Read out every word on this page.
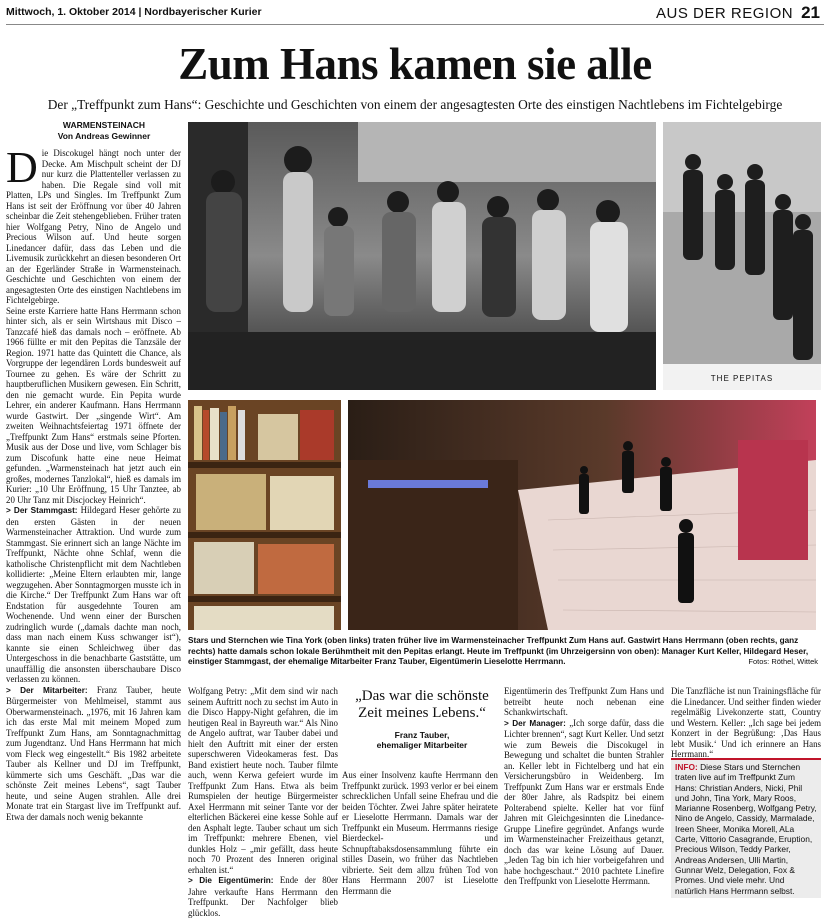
Mittwoch, 1. Oktober 2014 | Nordbayerischer Kurier	AUS DER REGION 21
Zum Hans kamen sie alle
Der „Treffpunkt zum Hans“: Geschichte und Geschichten von einem der angesagtesten Orte des einstigen Nachtlebens im Fichtelgebirge
WARMENSTEINACH
Von Andreas Gewinner

Die Discokugel hängt noch unter der Decke. Am Mischpult scheint der DJ nur kurz die Plattenteller verlassen zu haben. Die Regale sind voll mit Platten, LPs und Singles. Im Treffpunkt Zum Hans ist seit der Eröffnung vor über 40 Jahren scheinbar die Zeit stehengeblieben. Früher traten hier Wolfgang Petry, Nino de Angelo und Precious Wilson auf. Und heute sorgen Linedancer dafür, dass das Leben und die Livemusik zurückkehrt an diesen besonderen Ort an der Egerländer Straße in Warmensteinach. Geschichte und Geschichten von einem der angesagtesten Orte des einstigen Nachtlebens im Fichtelgebirge.

Seine erste Karriere hatte Hans Herrmann schon hinter sich, als er sein Wirtshaus mit Disco – Tanzcafé hieß das damals noch – eröffnete. Ab 1966 füllte er mit den Pepitas die Tanzsäle der Region. 1971 hatte das Quintett die Chance, als Vorgruppe der legendären Lords bundesweit auf Tournee zu gehen. Es wäre der Schritt zu hauptberuflichen Musikern gewesen. Ein Schritt, den nie gemacht wurde. Ein Pepita wurde Lehrer, ein anderer Kaufmann. Hans Herrmann wurde Gastwirt. Der „singende Wirt“. Am zweiten Weihnachtsfeiertag 1971 öffnete der „Treffpunkt Zum Hans“ erstmals seine Pforten. Musik aus der Dose und live, vom Schlager bis zum Discofunk hatte eine neue Heimat gefunden. „Warmensteinach hat jetzt auch ein großes, modernes Tanzlokal“, hieß es damals im Kurier: „10 Uhr Eröffnung, 15 Uhr Tanztee, ab 20 Uhr Tanz mit Discjockey Heinrich“.

> Der Stammgast: Hildegard Heser gehörte zu den ersten Gästen in der neuen Warmensteinacher Attraktion. Und wurde zum Stammgast. Sie erinnert sich an lange Nächte im Treffpunkt, Nächte ohne Schlaf, wenn die katholische Christenpflicht mit dem Nachtleben kollidierte: „Meine Eltern erlaubten mir, lange wegzugehen. Aber Sonntagmorgen musste ich in die Kirche.“ Der Treffpunkt Zum Hans war oft Endstation für ausgedehnte Touren am Wochenende. Und wenn einer der Burschen zudringlich wurde („damals dachte man noch, dass man nach einem Kuss schwanger ist“), kannte sie einen Schleichweg über das Untergeschoss in die benachbarte Gaststätte, um unauffällig die ansonsten überschaubare Disco verlassen zu können.

> Der Mitarbeiter: Franz Tauber, heute Bürgermeister von Mehlmeisel, stammt aus Oberwarmensteinach. „1976, mit 16 Jahren kam ich das erste Mal mit meinem Moped zum Treffpunkt Zum Hans, am Sonntagnachmittag zum Jugendtanz. Und Hans Herrmann hat mich vom Fleck weg eingestellt.“ Bis 1982 arbeitete Tauber als Kellner und DJ im Treffpunkt, kümmerte sich ums Geschäft. „Das war die schönste Zeit meines Lebens“, sagt Tauber heute, und seine Augen strahlen. Alle drei Monate trat ein Stargast live im Treffpunkt auf. Etwa der damals noch wenig bekannte

THE PEPITAS
Stars und Sternchen wie Tina York (oben links) traten früher live im Warmensteinacher Treffpunkt Zum Hans auf. Gastwirt Hans Herrmann (oben rechts, ganz rechts) hatte damals schon lokale Berühmtheit mit den Pepitas erlangt. Heute im Treffpunkt (im Uhrzeigersinn von oben): Manager Kurt Keller, Hildegard Heser, einstiger Stammgast, der ehemalige Mitarbeiter Franz Tauber, Eigentümerin Lieselotte Herrmann.	Fotos: Röthel, Wittek

Wolfgang Petry: „Mit dem sind wir nach seinem Auftritt noch zu sechst im Auto in die Disco Happy-Night gefahren, die im heutigen Real in Bayreuth war.“ Als Nino de Angelo auftrat, war Tauber dabei und hielt den Auftritt mit einer der ersten superschweren Videokameras fest. Das Band existiert heute noch. Tauber filmte auch, wenn Kerwa gefeiert wurde im Treffpunkt Zum Hans. Etwa als beim Rumspielen der heutige Bürgermeister Axel Herrmann mit seiner Tante vor der elterlichen Bäckerei eine kesse Sohle auf den Asphalt legte. Tauber schaut um sich im Treffpunkt: mehrere Ebenen, viel dunkles Holz – „mir gefällt, dass heute noch 70 Prozent des Inneren original erhalten ist.“

> Die Eigentümerin: Ende der 80er Jahre verkaufte Hans Herrmann den Treffpunkt. Der Nachfolger blieb glücklos.

„Das war die schönste Zeit meines Lebens.“
Franz Tauber,
ehemaliger Mitarbeiter

Aus einer Insolvenz kaufte Herrmann den Treffpunkt zurück. 1993 verlor er bei einem schrecklichen Unfall seine Ehefrau und die beiden Töchter. Zwei Jahre später heiratete er Lieselotte Herrmann. Damals war der Treffpunkt ein Museum. Herrmanns riesige Bierdeckel- und Schnupftabaksdosensammlung führte ein stilles Dasein, wo früher das Nachtleben vibrierte. Seit dem allzu frühen Tod von Hans Herrmann 2007 ist Lieselotte Herrmann die

Eigentümerin des Treffpunkt Zum Hans und betreibt heute noch nebenan eine Schankwirtschaft.

> Der Manager: „Ich sorge dafür, dass die Lichter brennen“, sagt Kurt Keller. Und setzt wie zum Beweis die Discokugel in Bewegung und schaltet die bunten Strahler an. Keller lebt in Fichtelberg und hat ein Versicherungsbüro in Weidenberg. Im Treffpunkt Zum Hans war er erstmals Ende der 80er Jahre, als Radspitz bei einem Polterabend spielte. Keller hat vor fünf Jahren mit Gleichgesinnten die Linedance-Gruppe Linefire gegründet. Anfangs wurde im Warmensteinacher Freizeithaus getanzt, doch das war keine Lösung auf Dauer. „Jeden Tag bin ich hier vorbeigefahren und habe hochgeschaut.“ 2010 pachtete Linefire den Treffpunkt von Lieselotte Herrmann.

Die Tanzfläche ist nun Trainingsfläche für die Linedancer. Und seither finden wieder regelmäßig Livekonzerte statt, Country und Western. Keller: „Ich sage bei jedem Konzert in der Begrüßung: ‚Das Haus lebt Musik.‘ Und ich erinnere an Hans Herrmann.“

INFO: Diese Stars und Sternchen traten live auf im Treffpunkt Zum Hans: Christian Anders, Nicki, Phil und John, Tina York, Mary Roos, Marianne Rosenberg, Wolfgang Petry, Nino de Angelo, Cassidy, Marmalade, Ireen Sheer, Monika Morell, ALa Carte, Vittorio Casagrande, Eruption, Precious Wilson, Teddy Parker, Andreas Andersen, Ulli Martin, Gunnar Welz, Delegation, Fox & Promes. Und viele mehr. Und natürlich Hans Herrmann selbst.
